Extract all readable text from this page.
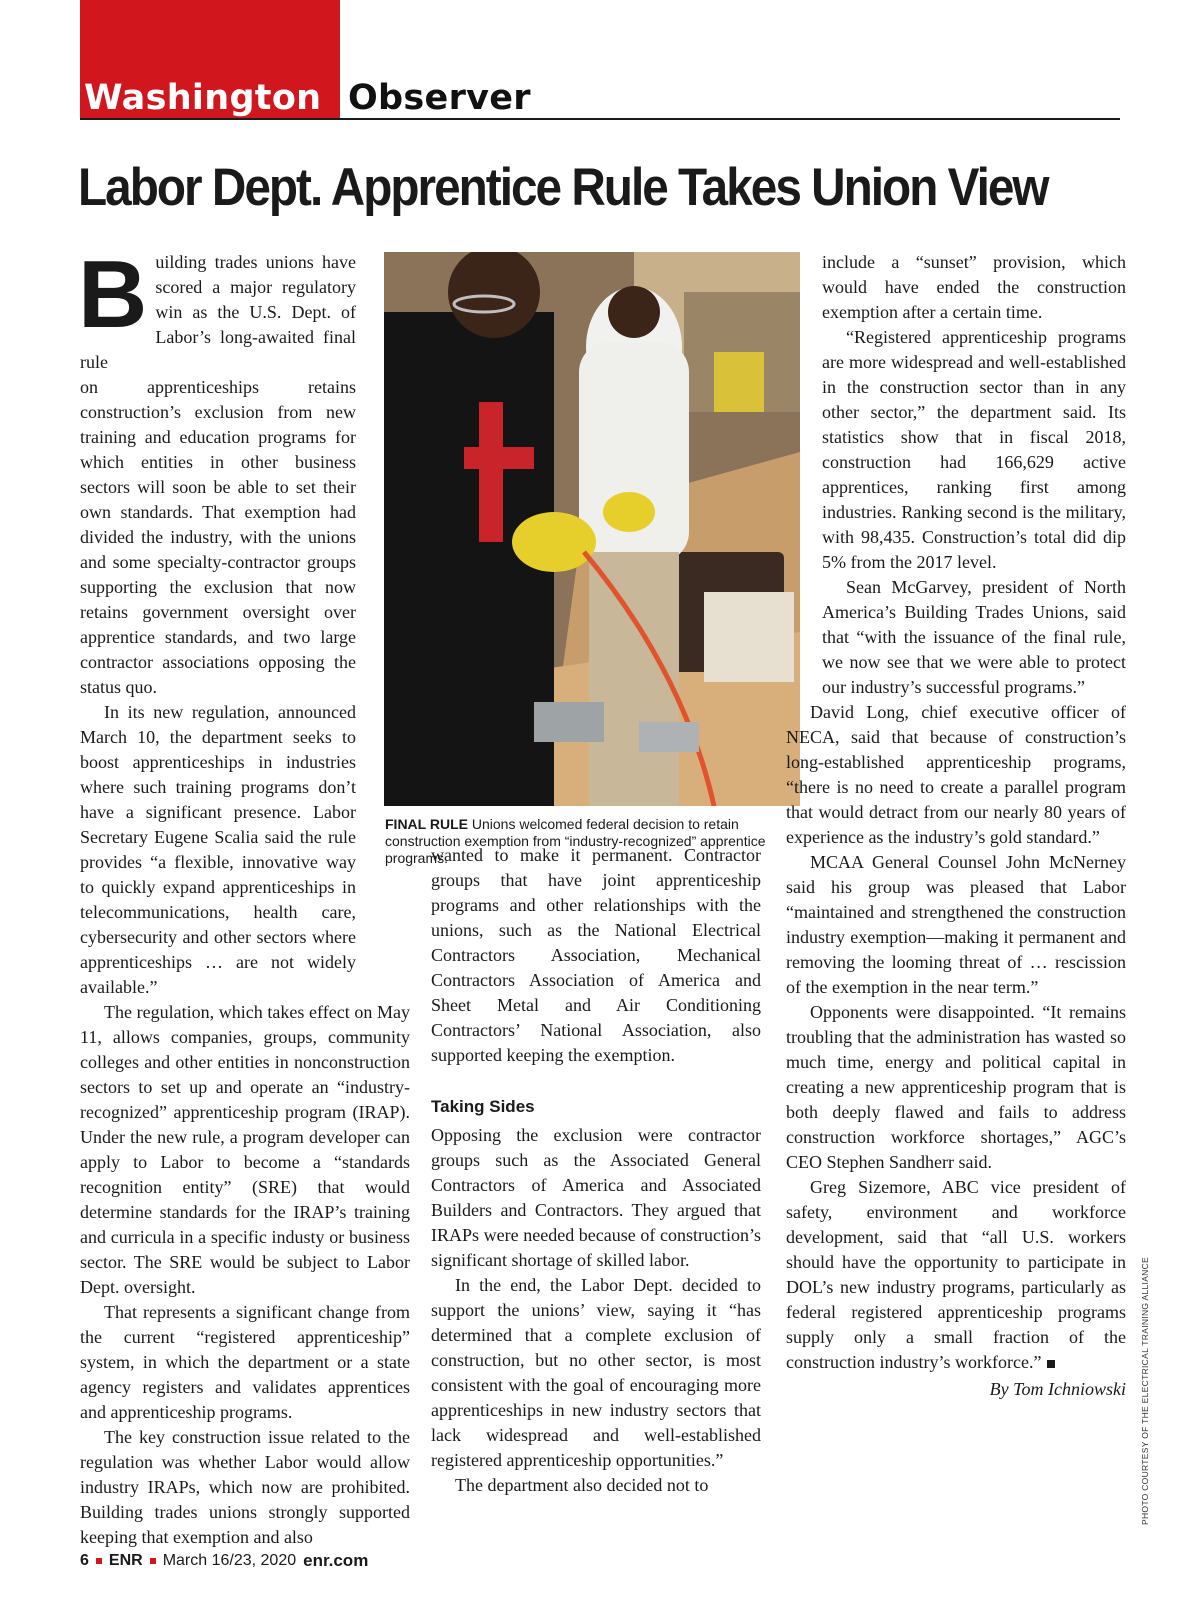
Washington Observer
Labor Dept. Apprentice Rule Takes Union View
B uilding trades unions have scored a major regulatory win as the U.S. Dept. of Labor’s long-awaited final rule

on apprenticeships retains construction’s exclusion from new training and education programs for which entities in other business sectors will soon be able to set their own standards. That exemption had divided the industry, with the unions and some specialty-contractor groups supporting the exclusion that now retains government oversight over apprentice standards, and two large contractor associations opposing the status quo.

In its new regulation, announced March 10, the department seeks to boost apprenticeships in industries where such training programs don’t have a significant presence. Labor Secretary Eugene Scalia said the rule provides “a flexible, innovative way to quickly expand apprenticeships in telecommunications, health care, cybersecurity and other sectors where apprenticeships … are not widely available.”

The regulation, which takes effect on May 11, allows companies, groups, community colleges and other entities in nonconstruction sectors to set up and operate an “industry-recognized” apprenticeship program (IRAP). Under the new rule, a program developer can apply to Labor to become a “standards recognition entity” (SRE) that would determine standards for the IRAP’s training and curricula in a specific industy or business sector. The SRE would be subject to Labor Dept. oversight.

That represents a significant change from the current “registered apprenticeship” system, in which the department or a state agency registers and validates apprentices and apprenticeship programs.

The key construction issue related to the regulation was whether Labor would allow industry IRAPs, which now are prohibited. Building trades unions strongly supported keeping that exemption and also

FINAL RULE Unions welcomed federal decision to retain construction exemption from “industry-recognized” apprentice programs.

wanted to make it permanent. Contractor groups that have joint apprenticeship programs and other relationships with the unions, such as the National Electrical Contractors Association, Mechanical Contractors Association of America and Sheet Metal and Air Conditioning Contractors’ National Association, also supported keeping the exemption.

Taking Sides

Opposing the exclusion were contractor groups such as the Associated General Contractors of America and Associated Builders and Contractors. They argued that IRAPs were needed because of construction’s significant shortage of skilled labor.

In the end, the Labor Dept. decided to support the unions’ view, saying it “has determined that a complete exclusion of construction, but no other sector, is most consistent with the goal of encouraging more apprenticeships in new industry sectors that lack widespread and well-established registered apprenticeship opportunities.”

The department also decided not to

include a “sunset” provision, which would have ended the construction exemption after a certain time.

“Registered apprenticeship programs are more widespread and well-established in the construction sector than in any other sector,” the department said. Its statistics show that in fiscal 2018, construction had 166,629 active apprentices, ranking first among industries. Ranking second is the military, with 98,435. Construction’s total did dip 5% from the 2017 level.

Sean McGarvey, president of North America’s Building Trades Unions, said that “with the issuance of the final rule, we now see that we were able to protect our industry’s successful programs.”

David Long, chief executive officer of NECA, said that because of construction’s long-established apprenticeship programs, “there is no need to create a parallel program that would detract from our nearly 80 years of experience as the industry’s gold standard.”

MCAA General Counsel John McNerney said his group was pleased that Labor “maintained and strengthened the construction industry exemption—making it permanent and removing the looming threat of … rescission of the exemption in the near term.”

Opponents were disappointed. “It remains troubling that the administration has wasted so much time, energy and political capital in creating a new apprenticeship program that is both deeply flawed and fails to address construction workforce shortages,” AGC’s CEO Stephen Sandherr said.

Greg Sizemore, ABC vice president of safety, environment and workforce development, said that “all U.S. workers should have the opportunity to participate in DOL’s new industry programs, particularly as federal registered apprenticeship programs supply only a small fraction of the construction industry’s workforce.”

By Tom Ichniowski PHOTO COURTESY OF THE ELECTRICAL TRAINING ALLIANCE
6 ENR March 16/23, 2020 enr.com
